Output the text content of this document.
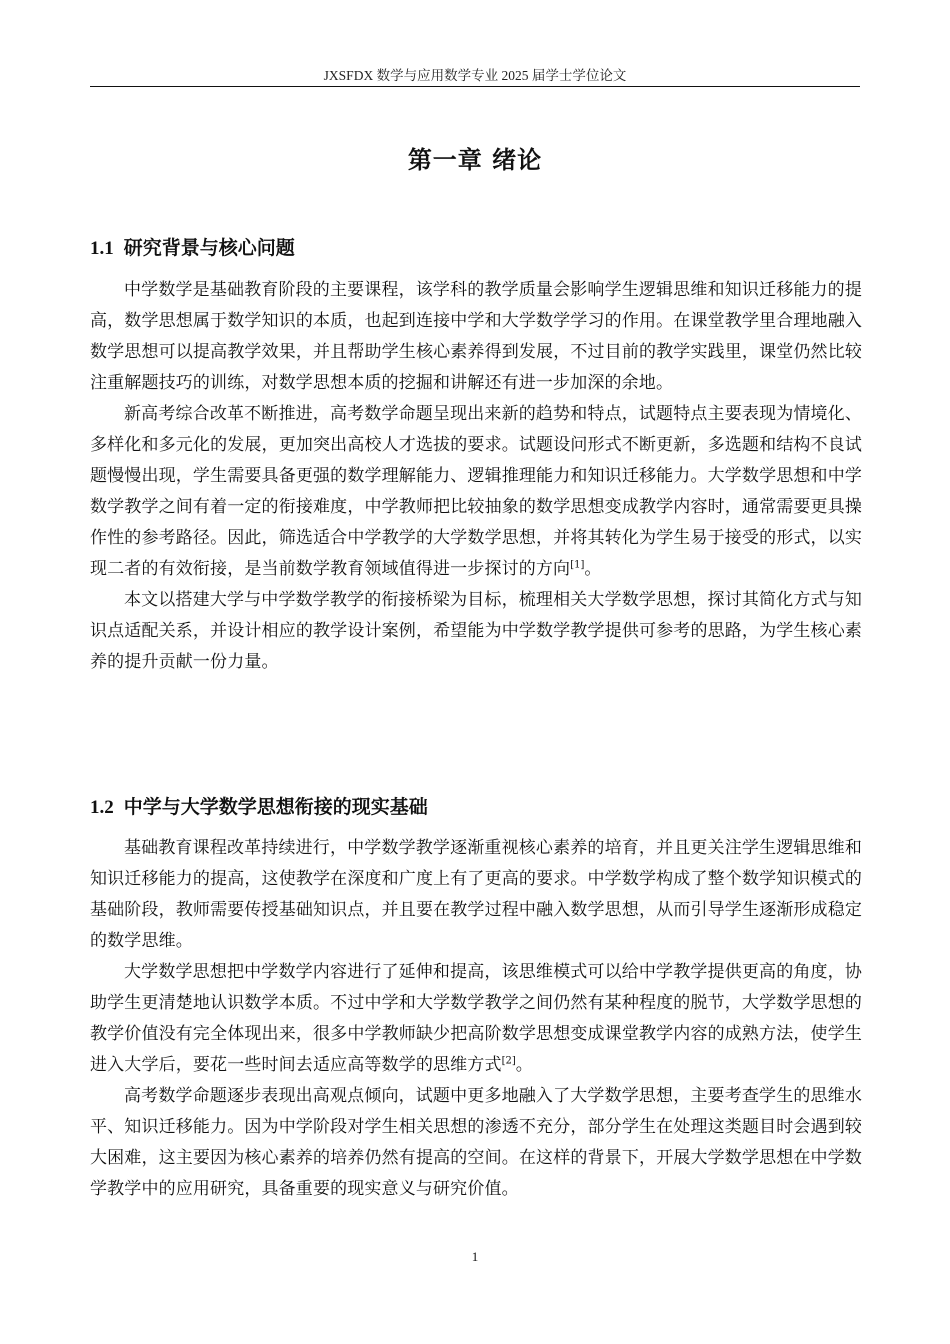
JXSFDX 数学与应用数学专业 2025 届学士学位论文
第一章 绪论
1.1 研究背景与核心问题

中学数学是基础教育阶段的主要课程，该学科的教学质量会影响学生逻辑思维和知识迁移能力的提高，数学思想属于数学知识的本质，也起到连接中学和大学数学学习的作用。在课堂教学里合理地融入数学思想可以提高教学效果，并且帮助学生核心素养得到发展，不过目前的教学实践里，课堂仍然比较注重解题技巧的训练，对数学思想本质的挖掘和讲解还有进一步加深的余地。

新高考综合改革不断推进，高考数学命题呈现出来新的趋势和特点，试题特点主要表现为情境化、多样化和多元化的发展，更加突出高校人才选拔的要求。试题设问形式不断更新，多选题和结构不良试题慢慢出现，学生需要具备更强的数学理解能力、逻辑推理能力和知识迁移能力。大学数学思想和中学数学教学之间有着一定的衔接难度，中学教师把比较抽象的数学思想变成教学内容时，通常需要更具操作性的参考路径。因此，筛选适合中学教学的大学数学思想，并将其转化为学生易于接受的形式，以实现二者的有效衔接，是当前数学教育领域值得进一步探讨的方向[1]。

本文以搭建大学与中学数学教学的衔接桥梁为目标，梳理相关大学数学思想，探讨其简化方式与知识点适配关系，并设计相应的教学设计案例，希望能为中学数学教学提供可参考的思路，为学生核心素养的提升贡献一份力量。

1.2 中学与大学数学思想衔接的现实基础

基础教育课程改革持续进行，中学数学教学逐渐重视核心素养的培育，并且更关注学生逻辑思维和知识迁移能力的提高，这使教学在深度和广度上有了更高的要求。中学数学构成了整个数学知识模式的基础阶段，教师需要传授基础知识点，并且要在教学过程中融入数学思想，从而引导学生逐渐形成稳定的数学思维。

大学数学思想把中学数学内容进行了延伸和提高，该思维模式可以给中学教学提供更高的角度，协助学生更清楚地认识数学本质。不过中学和大学数学教学之间仍然有某种程度的脱节，大学数学思想的教学价值没有完全体现出来，很多中学教师缺少把高阶数学思想变成课堂教学内容的成熟方法，使学生进入大学后，要花一些时间去适应高等数学的思维方式[2]。

高考数学命题逐步表现出高观点倾向，试题中更多地融入了大学数学思想，主要考查学生的思维水平、知识迁移能力。因为中学阶段对学生相关思想的渗透不充分，部分学生在处理这类题目时会遇到较大困难，这主要因为核心素养的培养仍然有提高的空间。在这样的背景下，开展大学数学思想在中学数学教学中的应用研究，具备重要的现实意义与研究价值。

1
